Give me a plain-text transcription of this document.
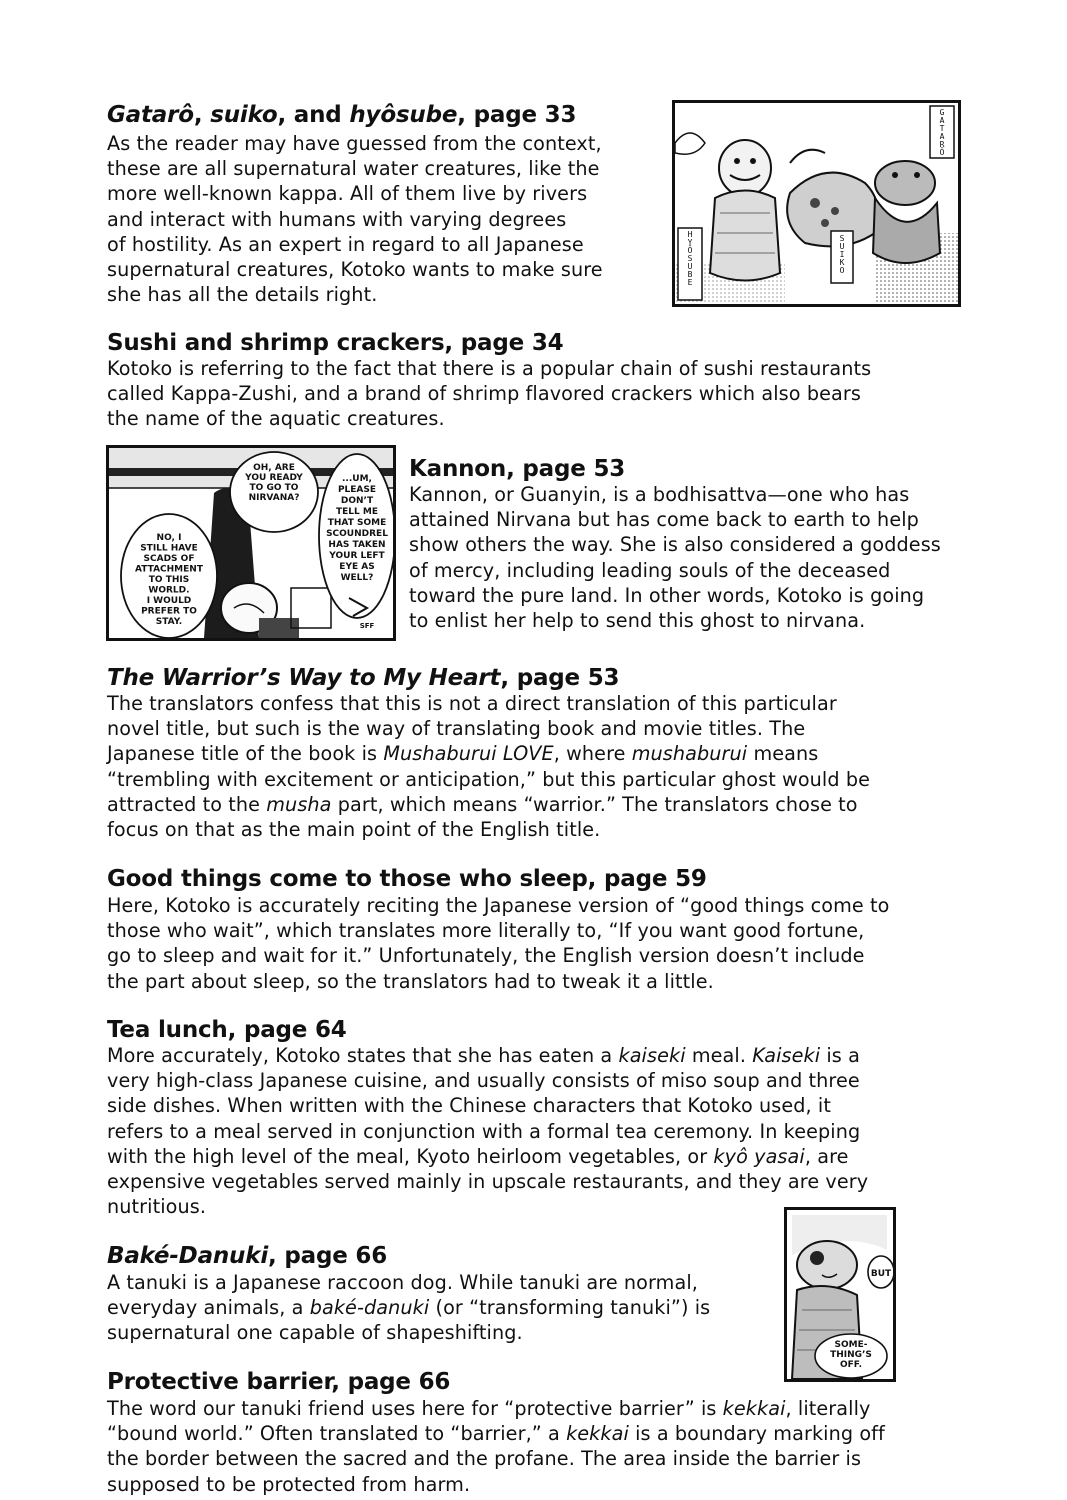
Gatarô, suiko, and hyôsube, page 33
As the reader may have guessed from the context,
these are all supernatural water creatures, like the
more well-known kappa. All of them live by rivers
and interact with humans with varying degrees
of hostility. As an expert in regard to all Japanese
supernatural creatures, Kotoko wants to make sure
she has all the details right.
G A T A R Ō
H Y Ō S U B E
S U I K O
Sushi and shrimp crackers, page 34
Kotoko is referring to the fact that there is a popular chain of sushi restaurants
called Kappa-Zushi, and a brand of shrimp flavored crackers which also bears
the name of the aquatic creatures.
OH, ARE
YOU READY
TO GO TO
NIRVANA?
...UM,
PLEASE
DON’T
TELL ME
THAT SOME
SCOUNDREL
HAS TAKEN
YOUR LEFT
EYE AS
WELL?
NO, I
STILL HAVE
SCADS OF
ATTACHMENT
TO THIS
WORLD.
I WOULD
PREFER TO
STAY.	SFF
Kannon, page 53
Kannon, or Guanyin, is a bodhisattva—one who has
attained Nirvana but has come back to earth to help
show others the way. She is also considered a goddess
of mercy, including leading souls of the deceased
toward the pure land. In other words, Kotoko is going
to enlist her help to send this ghost to nirvana.
The Warrior’s Way to My Heart, page 53
The translators confess that this is not a direct translation of this particular
novel title, but such is the way of translating book and movie titles. The
Japanese title of the book is Mushaburui LOVE, where mushaburui means
“trembling with excitement or anticipation,” but this particular ghost would be
attracted to the musha part, which means “warrior.” The translators chose to
focus on that as the main point of the English title.
Good things come to those who sleep, page 59
Here, Kotoko is accurately reciting the Japanese version of “good things come to
those who wait”, which translates more literally to, “If you want good fortune,
go to sleep and wait for it.” Unfortunately, the English version doesn’t include
the part about sleep, so the translators had to tweak it a little.
Tea lunch, page 64
More accurately, Kotoko states that she has eaten a kaiseki meal. Kaiseki is a
very high-class Japanese cuisine, and usually consists of miso soup and three
side dishes. When written with the Chinese characters that Kotoko used, it
refers to a meal served in conjunction with a formal tea ceremony. In keeping
with the high level of the meal, Kyoto heirloom vegetables, or kyô yasai, are
expensive vegetables served mainly in upscale restaurants, and they are very
nutritious.
BUT
SOME-
THING’S
OFF.
Baké-Danuki, page 66
A tanuki is a Japanese raccoon dog. While tanuki are normal,
everyday animals, a baké-danuki (or “transforming tanuki”) is
supernatural one capable of shapeshifting.
Protective barrier, page 66
The word our tanuki friend uses here for “protective barrier” is kekkai, literally
“bound world.” Often translated to “barrier,” a kekkai is a boundary marking off
the border between the sacred and the profane. The area inside the barrier is
supposed to be protected from harm.
